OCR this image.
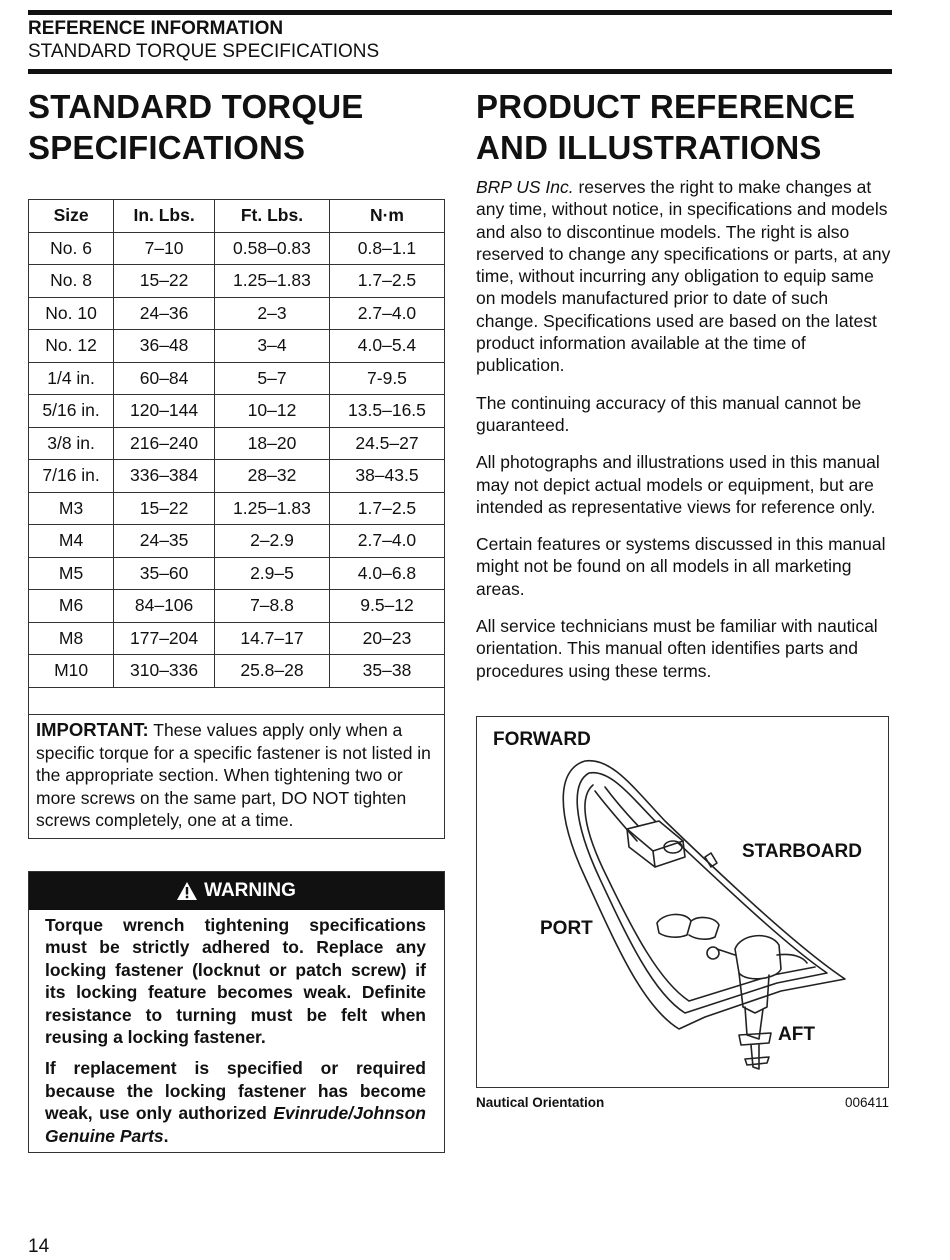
REFERENCE INFORMATION
STANDARD TORQUE SPECIFICATIONS
STANDARD TORQUE
SPECIFICATIONS
Size	In. Lbs.	Ft. Lbs.	N·m
No. 6	7–10	0.58–0.83	0.8–1.1
No. 8	15–22	1.25–1.83	1.7–2.5
No. 10	24–36	2–3	2.7–4.0
No. 12	36–48	3–4	4.0–5.4
1/4 in.	60–84	5–7	7-9.5
5/16 in.	120–144	10–12	13.5–16.5
3/8 in.	216–240	18–20	24.5–27
7/16 in.	336–384	28–32	38–43.5
M3	15–22	1.25–1.83	1.7–2.5
M4	24–35	2–2.9	2.7–4.0
M5	35–60	2.9–5	4.0–6.8
M6	84–106	7–8.8	9.5–12
M8	177–204	14.7–17	20–23
M10	310–336	25.8–28	35–38

IMPORTANT: These values apply only when a specific torque for a specific fastener is not listed in the appropriate section. When tightening two or more screws on the same part, DO NOT tighten screws completely, one at a time.
WARNING

Torque wrench tightening specifications must be strictly adhered to. Replace any locking fastener (locknut or patch screw) if its locking feature becomes weak. Definite resistance to turning must be felt when reusing a locking fastener.

If replacement is specified or required because the locking fastener has become weak, use only authorized Evinrude/Johnson Genuine Parts.

PRODUCT REFERENCE
AND ILLUSTRATIONS

BRP US Inc. reserves the right to make changes at any time, without notice, in specifications and models and also to discontinue models. The right is also reserved to change any specifications or parts, at any time, without incurring any obligation to equip same on models manufactured prior to date of such change. Specifications used are based on the latest product information available at the time of publication.

The continuing accuracy of this manual cannot be guaranteed.

All photographs and illustrations used in this manual may not depict actual models or equipment, but are intended as representative views for reference only.

Certain features or systems discussed in this manual might not be found on all models in all marketing areas.

All service technicians must be familiar with nautical orientation. This manual often identifies parts and procedures using these terms.

FORWARD
STARBOARD
PORT
AFT
Nautical Orientation	006411
14
